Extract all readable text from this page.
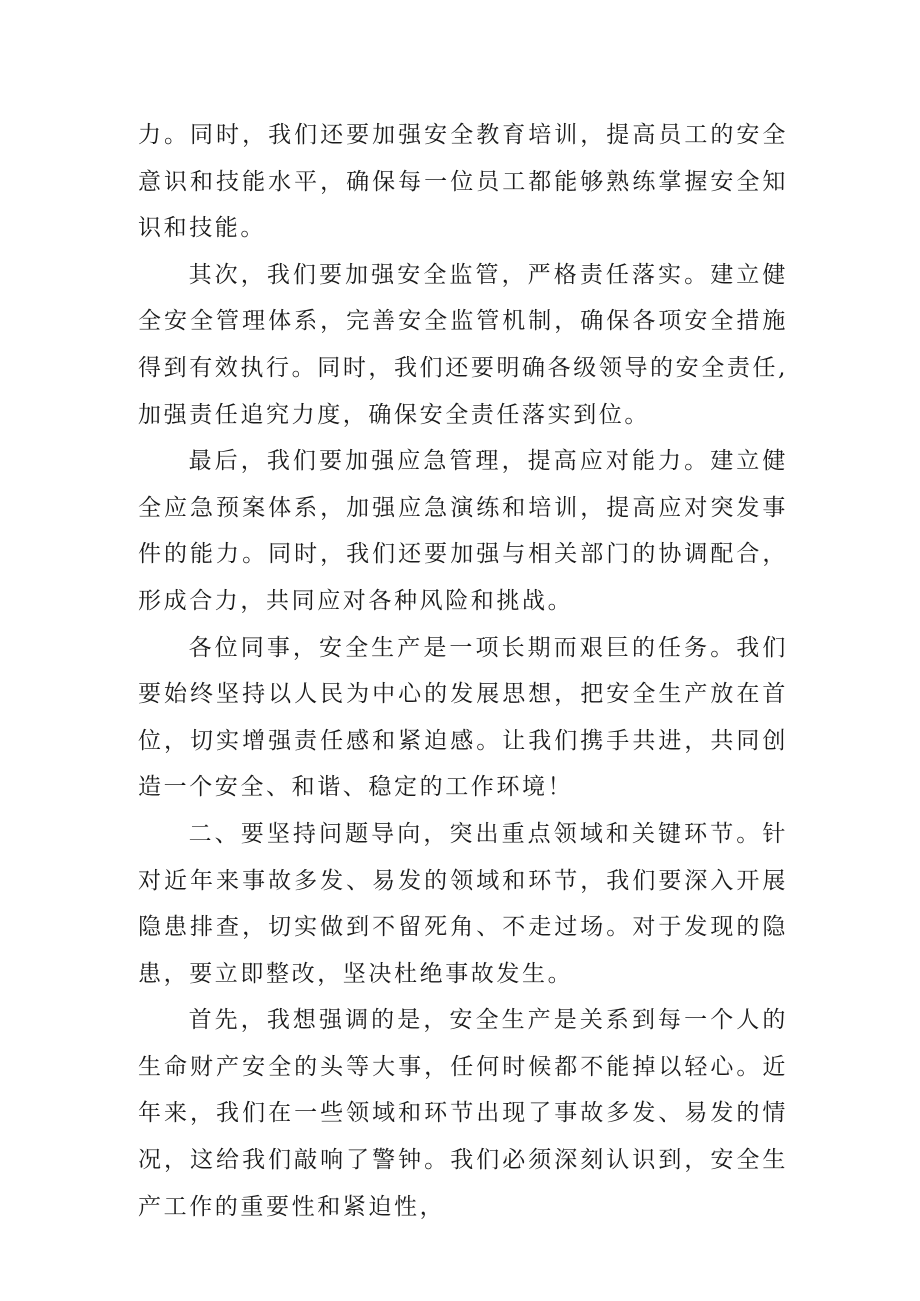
力。同时，我们还要加强安全教育培训，提高员工的安全意识和技能水平，确保每一位员工都能够熟练掌握安全知识和技能。

其次，我们要加强安全监管，严格责任落实。建立健全安全管理体系，完善安全监管机制，确保各项安全措施得到有效执行。同时，我们还要明确各级领导的安全责任,加强责任追究力度，确保安全责任落实到位。

最后，我们要加强应急管理，提高应对能力。建立健全应急预案体系，加强应急演练和培训，提高应对突发事件的能力。同时，我们还要加强与相关部门的协调配合，形成合力，共同应对各种风险和挑战。

各位同事，安全生产是一项长期而艰巨的任务。我们要始终坚持以人民为中心的发展思想，把安全生产放在首位，切实增强责任感和紧迫感。让我们携手共进，共同创造一个安全、和谐、稳定的工作环境！

二、要坚持问题导向，突出重点领域和关键环节。针对近年来事故多发、易发的领域和环节，我们要深入开展隐患排查，切实做到不留死角、不走过场。对于发现的隐患，要立即整改，坚决杜绝事故发生。

首先，我想强调的是，安全生产是关系到每一个人的生命财产安全的头等大事，任何时候都不能掉以轻心。近年来，我们在一些领域和环节出现了事故多发、易发的情况，这给我们敲响了警钟。我们必须深刻认识到，安全生产工作的重要性和紧迫性，
